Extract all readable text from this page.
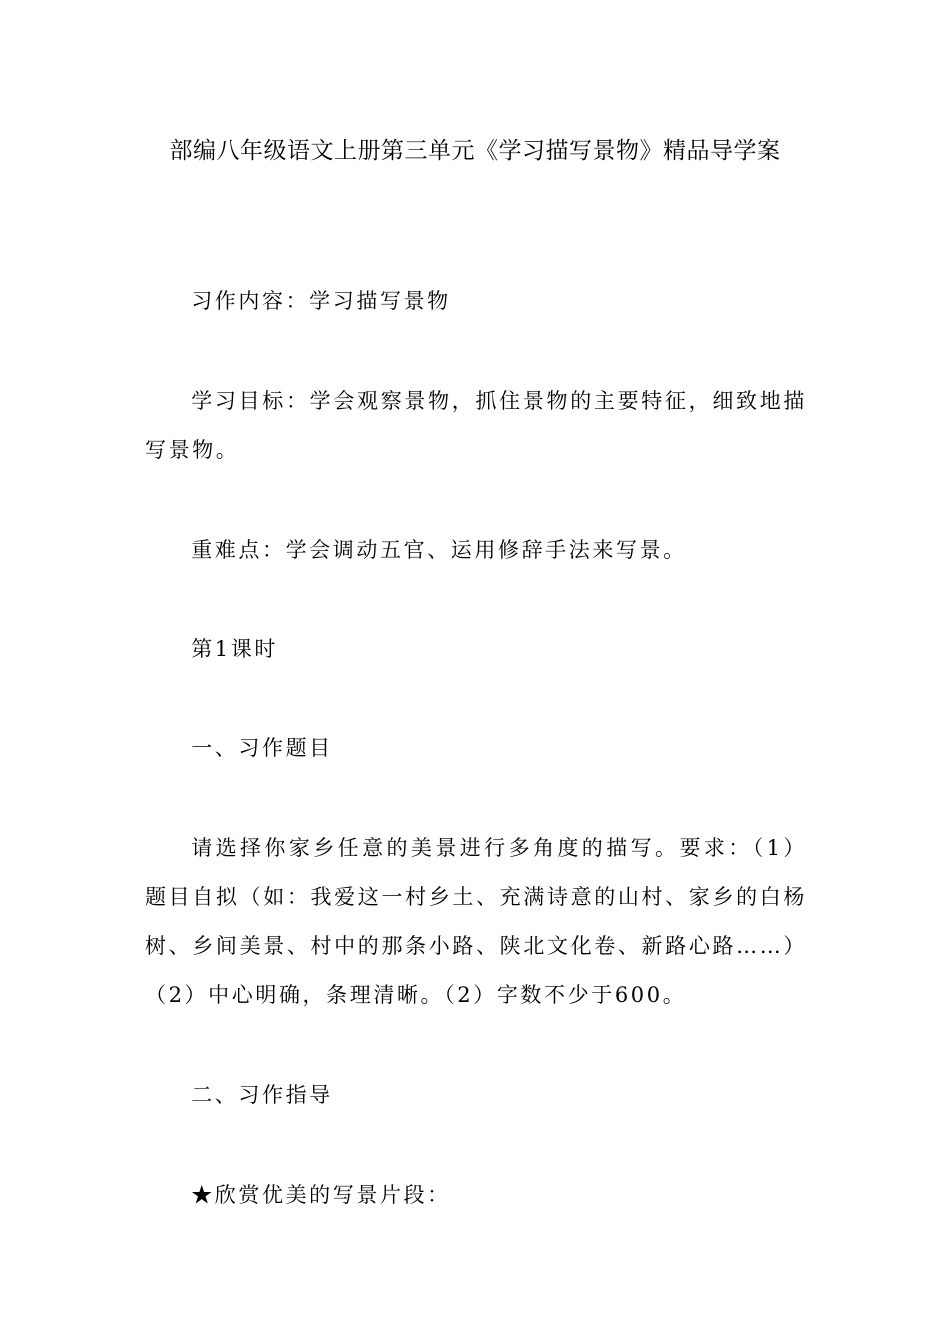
部编八年级语文上册第三单元《学习描写景物》精品导学案

习作内容：学习描写景物

学习目标：学会观察景物，抓住景物的主要特征，细致地描写景物。

重难点：学会调动五官、运用修辞手法来写景。

第1课时

一、习作题目

请选择你家乡任意的美景进行多角度的描写。要求：（1）题目自拟（如：我爱这一村乡土、充满诗意的山村、家乡的白杨树、乡间美景、村中的那条小路、陕北文化卷、新路心路……）（2）中心明确，条理清晰。（2）字数不少于600。

二、习作指导

★欣赏优美的写景片段：
